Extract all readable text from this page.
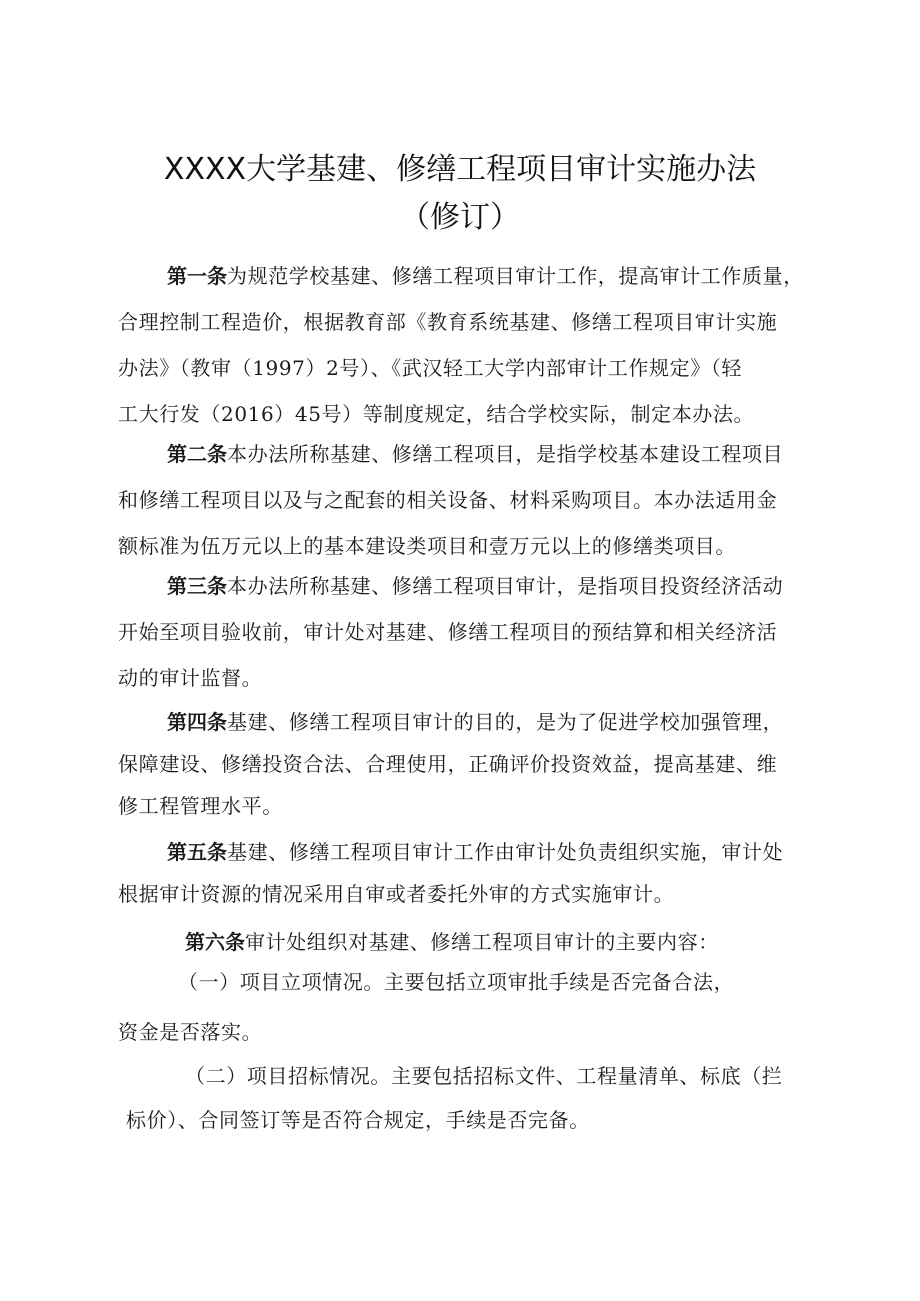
XXXX大学基建、修缮工程项目审计实施办法
（修订）
第一条为规范学校基建、修缮工程项目审计工作，提高审计工作质量，
合理控制工程造价，根据教育部《教育系统基建、修缮工程项目审计实施
办法》（教审（1997）2号）、《武汉轻工大学内部审计工作规定》（轻
工大行发（2016）45号）等制度规定，结合学校实际，制定本办法。
第二条本办法所称基建、修缮工程项目，是指学校基本建设工程项目
和修缮工程项目以及与之配套的相关设备、材料采购项目。本办法适用金
额标准为伍万元以上的基本建设类项目和壹万元以上的修缮类项目。
第三条本办法所称基建、修缮工程项目审计，是指项目投资经济活动
开始至项目验收前，审计处对基建、修缮工程项目的预结算和相关经济活
动的审计监督。
第四条基建、修缮工程项目审计的目的，是为了促进学校加强管理，
保障建设、修缮投资合法、合理使用，正确评价投资效益，提高基建、维
修工程管理水平。
第五条基建、修缮工程项目审计工作由审计处负责组织实施，审计处
根据审计资源的情况采用自审或者委托外审的方式实施审计。
第六条审计处组织对基建、修缮工程项目审计的主要内容：
（一）项目立项情况。主要包括立项审批手续是否完备合法，
资金是否落实。
（二）项目招标情况。主要包括招标文件、工程量清单、标底（拦
标价）、合同签订等是否符合规定，手续是否完备。
